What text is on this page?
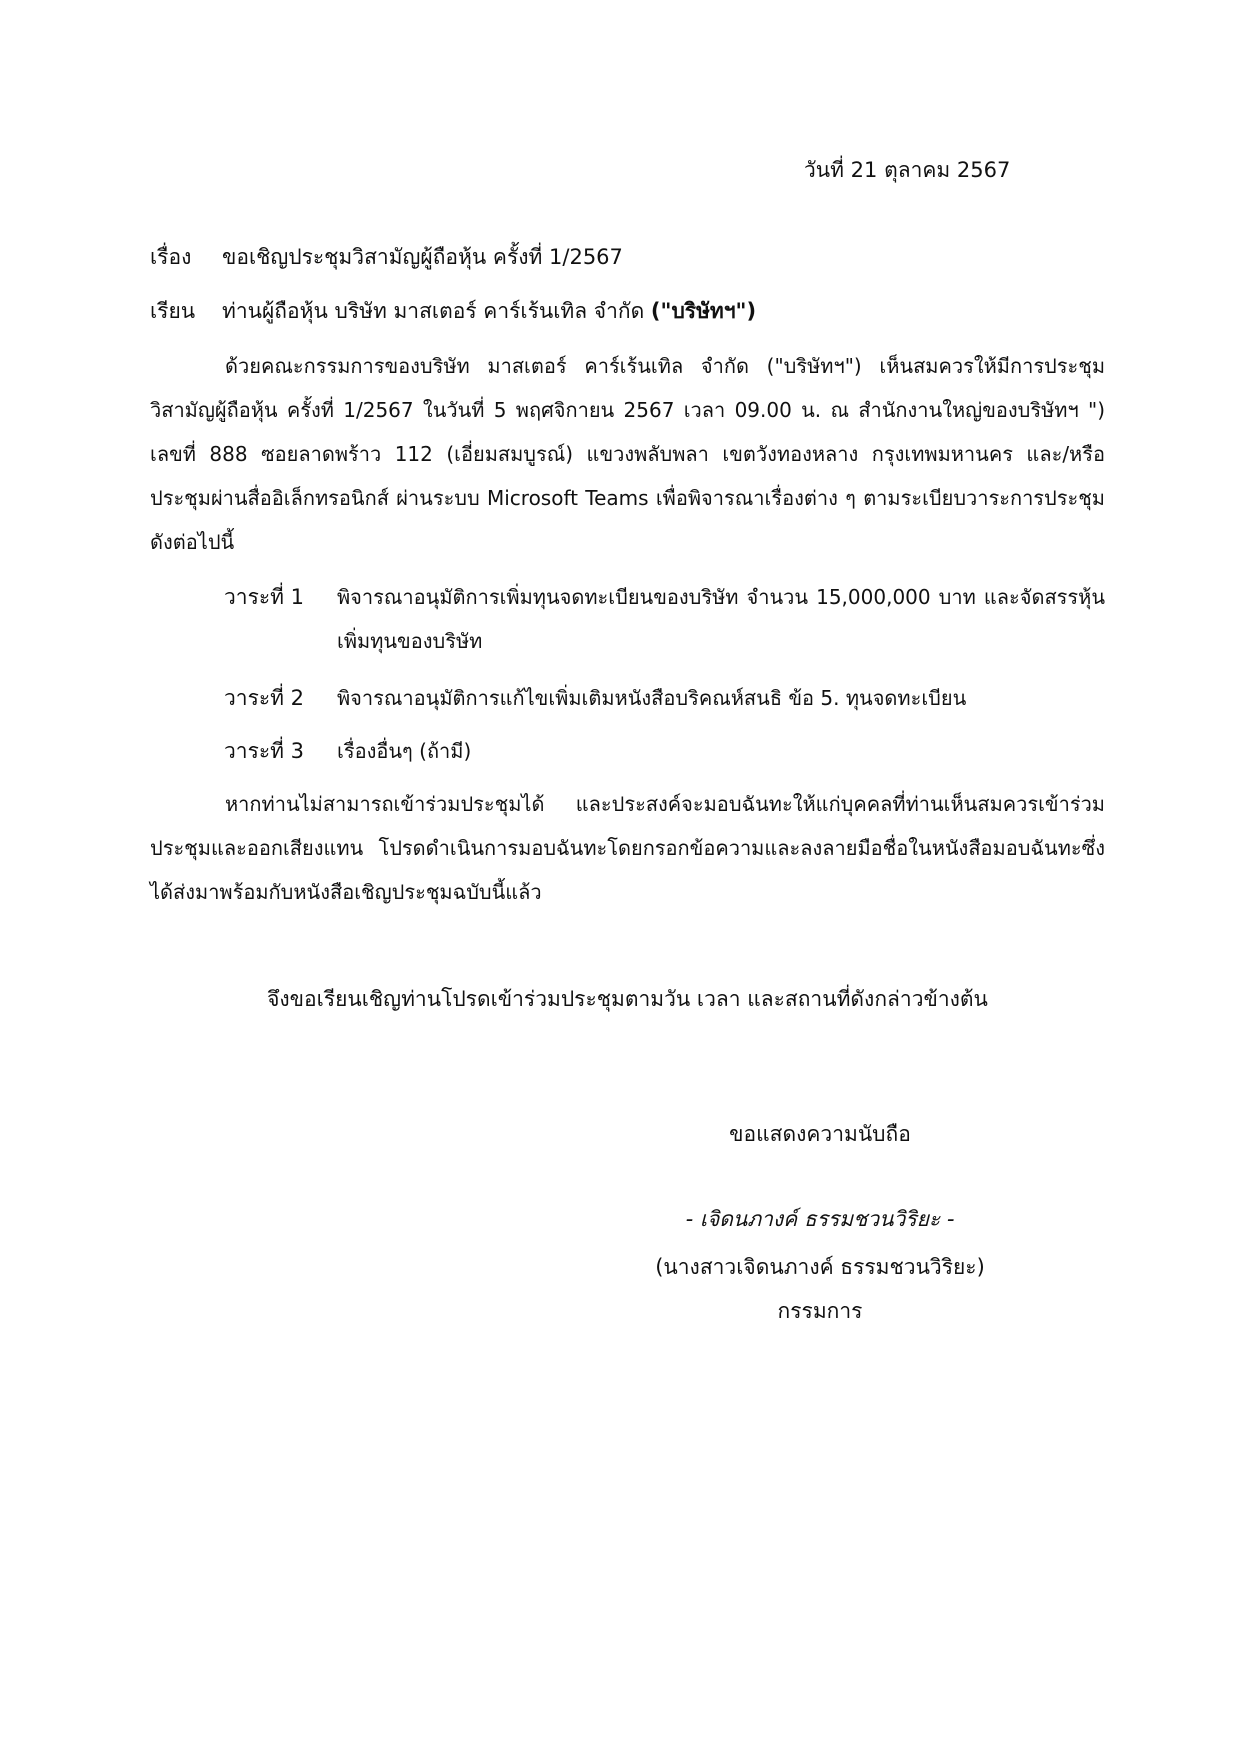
วันที่ 21 ตุลาคม 2567
เรื่อง ขอเชิญประชุมวิสามัญผู้ถือหุ้น ครั้งที่ 1/2567
เรียน ท่านผู้ถือหุ้น บริษัท มาสเตอร์ คาร์เร้นเทิล จำกัด ("บริษัทฯ")
ด้วยคณะกรรมการของบริษัท มาสเตอร์ คาร์เร้นเทิล จำกัด ("บริษัทฯ") เห็นสมควรให้มีการประชุมวิสามัญผู้ถือหุ้น ครั้งที่ 1/2567 ในวันที่ 5 พฤศจิกายน 2567 เวลา 09.00 น. ณ สำนักงานใหญ่ของบริษัทฯ ") เลขที่ 888 ซอยลาดพร้าว 112 (เอี่ยมสมบูรณ์) แขวงพลับพลา เขตวังทองหลาง กรุงเทพมหานคร และ/หรือ ประชุมผ่านสื่ออิเล็กทรอนิกส์ ผ่านระบบ Microsoft Teams เพื่อพิจารณาเรื่องต่าง ๆ ตามระเบียบวาระการประชุมดังต่อไปนี้
วาระที่ 1 พิจารณาอนุมัติการเพิ่มทุนจดทะเบียนของบริษัท จำนวน 15,000,000 บาท และจัดสรรหุ้นเพิ่มทุนของบริษัท
วาระที่ 2 พิจารณาอนุมัติการแก้ไขเพิ่มเติมหนังสือบริคณห์สนธิ ข้อ 5. ทุนจดทะเบียน
วาระที่ 3 เรื่องอื่นๆ (ถ้ามี)
หากท่านไม่สามารถเข้าร่วมประชุมได้ และประสงค์จะมอบฉันทะให้แก่บุคคลที่ท่านเห็นสมควรเข้าร่วมประชุมและออกเสียงแทน โปรดดำเนินการมอบฉันทะโดยกรอกข้อความและลงลายมือชื่อในหนังสือมอบฉันทะซึ่งได้ส่งมาพร้อมกับหนังสือเชิญประชุมฉบับนี้แล้ว
จึงขอเรียนเชิญท่านโปรดเข้าร่วมประชุมตามวัน เวลา และสถานที่ดังกล่าวข้างต้น
ขอแสดงความนับถือ
- เจิดนภางค์ ธรรมชวนวิริยะ -
(นางสาวเจิดนภางค์ ธรรมชวนวิริยะ)
กรรมการ
